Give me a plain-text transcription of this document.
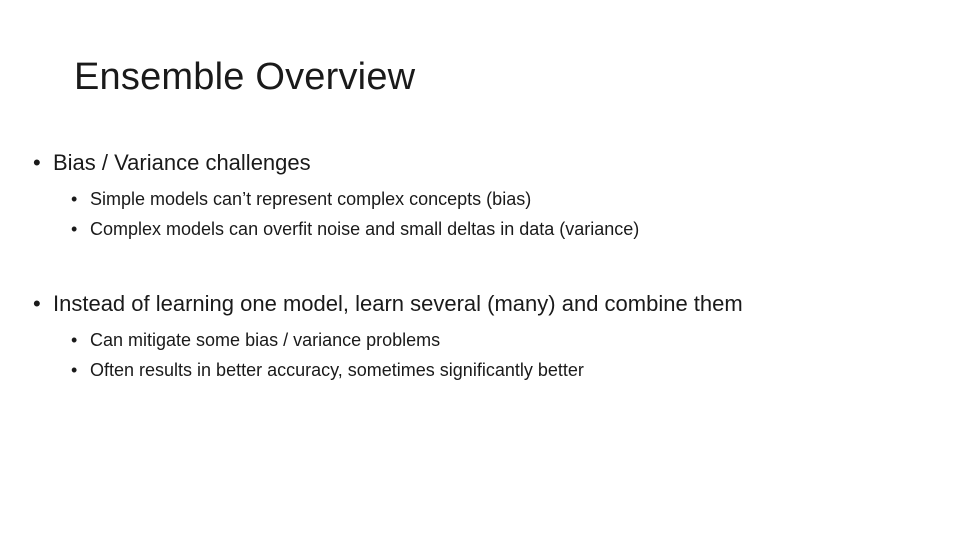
Ensemble Overview
• Bias / Variance challenges
• Simple models can’t represent complex concepts (bias)
• Complex models can overfit noise and small deltas in data (variance)
• Instead of learning one model, learn several (many) and combine them
• Can mitigate some bias / variance problems
• Often results in better accuracy, sometimes significantly better
